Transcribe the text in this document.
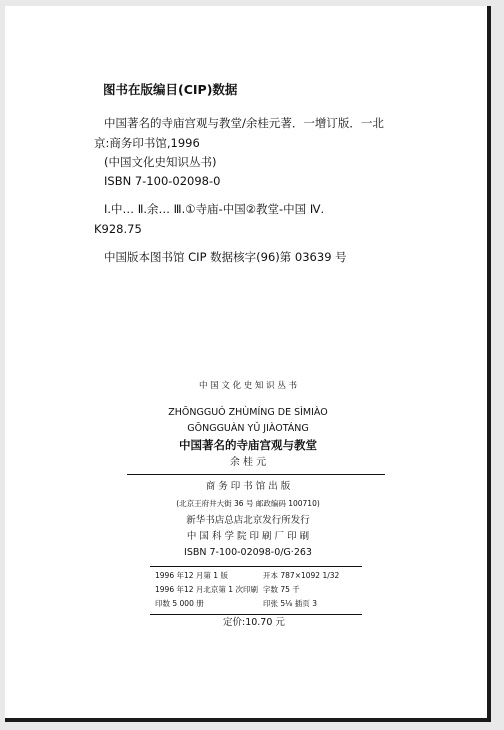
图书在版编目(CIP)数据
中国著名的寺庙宫观与教堂/余桂元著．一增订版．一北
京:商务印书馆,1996
(中国文化史知识丛书)
ISBN 7-100-02098-0
Ⅰ.中… Ⅱ.余… Ⅲ.①寺庙-中国②教堂-中国 Ⅳ.
K928.75
中国版本图书馆 CIP 数据核字(96)第 03639 号
中 国 文 化 史 知 识 丛 书
ZHŌNGGUÓ ZHÙMÍNG DE SÌMIÀO
GŌNGGUÀN YǓ JIÀOTÁNG
中国著名的寺庙宫观与教堂
余 桂 元
商 务 印 书 馆 出 版
(北京王府井大街 36 号 邮政编码 100710)
新华书店总店北京发行所发行
中 国 科 学 院 印 刷 厂 印 刷
ISBN 7-100-02098-0/G·263
1996 年12 月第 1 版	开本 787×1092 1/32
1996 年12 月北京第 1 次印刷 字数 75 千
印数 5 000 册	印张 5⅛ 插页 3
定价:10.70 元
